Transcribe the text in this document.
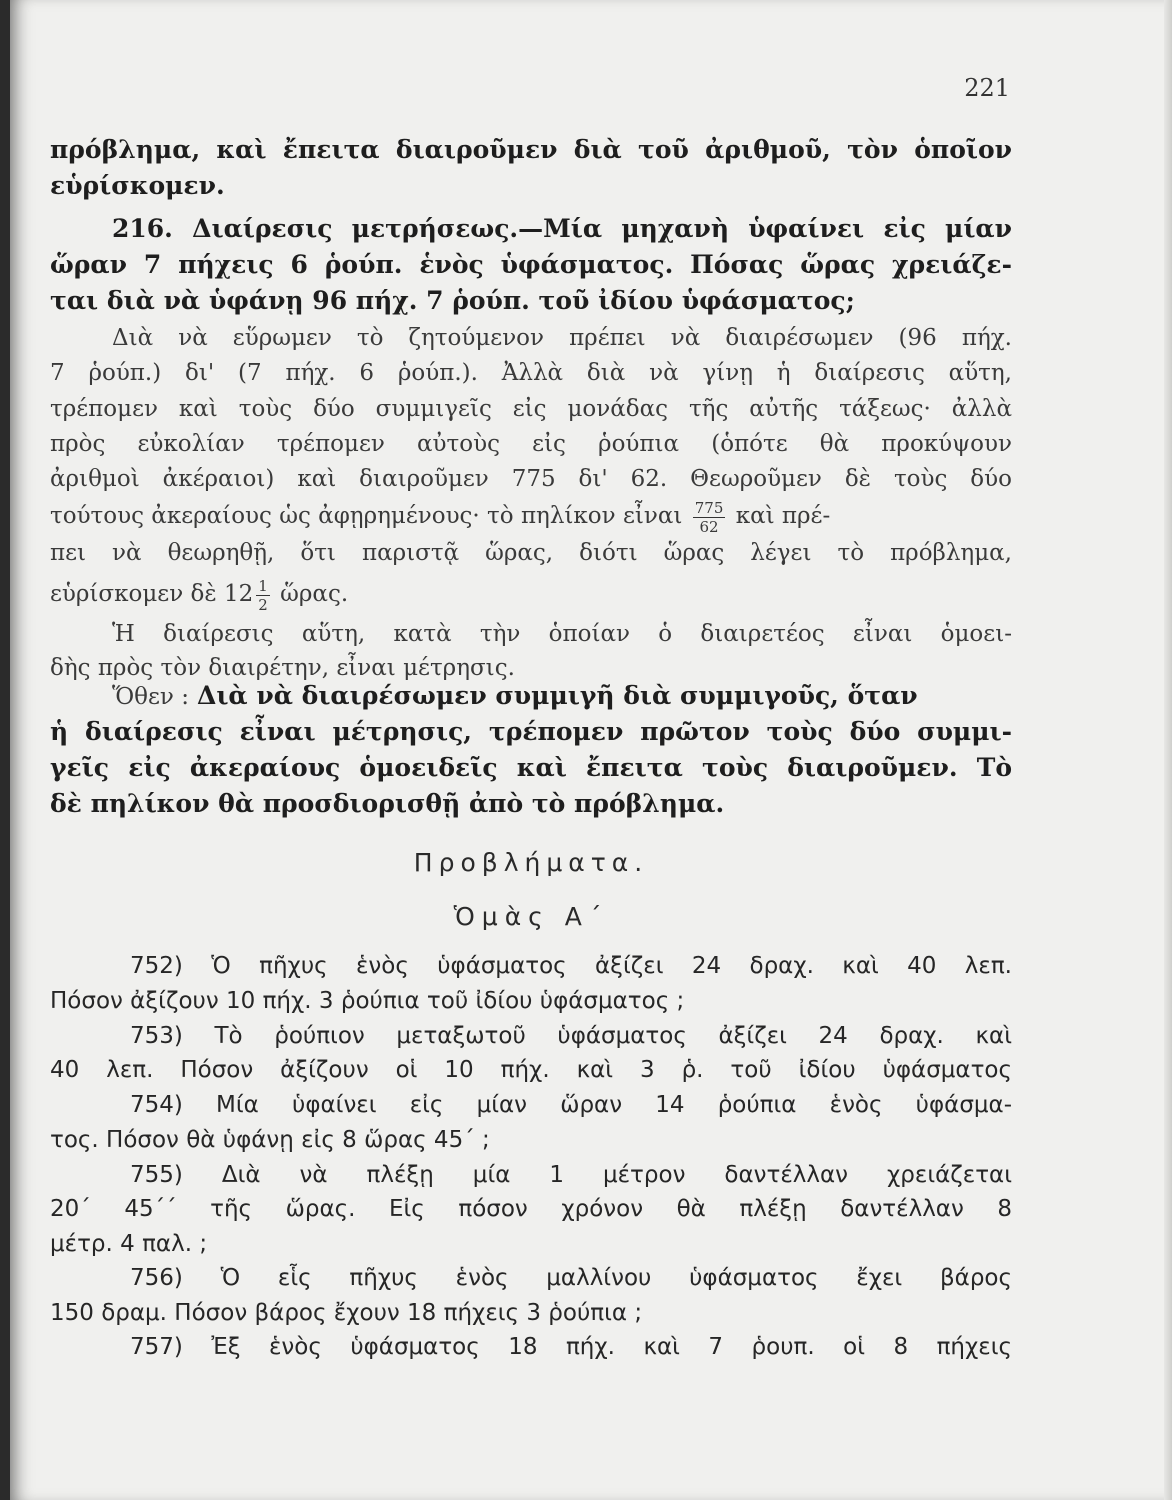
221
πρόβλημα, καὶ ἔπειτα διαιροῦμεν διὰ τοῦ ἀριθμοῦ, τὸν ὁποῖον
εὑρίσκομεν.
216. Διαίρεσις μετρήσεως.—Μία μηχανὴ ὑφαίνει εἰς μίαν
ὥραν 7 πήχεις 6 ῥούπ. ἑνὸς ὑφάσματος. Πόσας ὥρας χρειάζε-
ται διὰ νὰ ὑφάνῃ 96 πήχ. 7 ῥούπ. τοῦ ἰδίου ὑφάσματος;
Διὰ νὰ εὕρωμεν τὸ ζητούμενον πρέπει νὰ διαιρέσωμεν (96 πήχ.
7 ῥούπ.) δι' (7 πήχ. 6 ῥούπ.). Ἀλλὰ διὰ νὰ γίνῃ ἡ διαίρεσις αὕτη,
τρέπομεν καὶ τοὺς δύο συμμιγεῖς εἰς μονάδας τῆς αὐτῆς τάξεως· ἀλλὰ
πρὸς εὐκολίαν τρέπομεν αὐτοὺς εἰς ῥούπια (ὁπότε θὰ προκύψουν
ἀριθμοὶ ἀκέραιοι) καὶ διαιροῦμεν 775 δι' 62. Θεωροῦμεν δὲ τοὺς δύο
τούτους ἀκεραίους ὡς ἀφῃρημένους· τὸ πηλίκον εἶναι $\frac{775}{62}$ καὶ πρέ-
πει νὰ θεωρηθῇ, ὅτι παριστᾷ ὥρας, διότι ὥρας λέγει τὸ πρόβλημα,
εὑρίσκομεν δὲ $12 \frac{1}{2}$ ὥρας.
Ἡ διαίρεσις αὕτη, κατὰ τὴν ὁποίαν ὁ διαιρετέος εἶναι ὁμοει-
δὴς πρὸς τὸν διαιρέτην, εἶναι μέτρησις.
Ὅθεν : Διὰ νὰ διαιρέσωμεν συμμιγῆ διὰ συμμιγοῦς, ὅταν
ἡ διαίρεσις εἶναι μέτρησις, τρέπομεν πρῶτον τοὺς δύο συμμι-
γεῖς εἰς ἀκεραίους ὁμοειδεῖς καὶ ἔπειτα τοὺς διαιροῦμεν. Τὸ
δὲ πηλίκον θὰ προσδιορισθῇ ἀπὸ τὸ πρόβλημα.
Προβλήματα.
Ὁμὰς Α΄
752) Ὁ πῆχυς ἑνὸς ὑφάσματος ἀξίζει 24 δραχ. καὶ 40 λεπ.
Πόσον ἀξίζουν 10 πήχ. 3 ῥούπια τοῦ ἰδίου ὑφάσματος ;
753) Τὸ ῥούπιον μεταξωτοῦ ὑφάσματος ἀξίζει 24 δραχ. καὶ
40 λεπ. Πόσον ἀξίζουν οἱ 10 πήχ. καὶ 3 ῥ. τοῦ ἰδίου ὑφάσματος
754) Μία ὑφαίνει εἰς μίαν ὥραν 14 ῥούπια ἑνὸς ὑφάσμα-
τος. Πόσον θὰ ὑφάνῃ εἰς 8 ὥρας 45΄ ;
755) Διὰ νὰ πλέξῃ μία 1 μέτρον δαντέλλαν χρειάζεται
20΄ 45΄΄ τῆς ὥρας. Εἰς πόσον χρόνον θὰ πλέξῃ δαντέλλαν 8
μέτρ. 4 παλ. ;
756) Ὁ εἷς πῆχυς ἑνὸς μαλλίνου ὑφάσματος ἔχει βάρος
150 δραμ. Πόσον βάρος ἔχουν 18 πήχεις 3 ῥούπια ;
757) Ἐξ ἑνὸς ὑφάσματος 18 πήχ. καὶ 7 ῥουπ. οἱ 8 πήχεις
